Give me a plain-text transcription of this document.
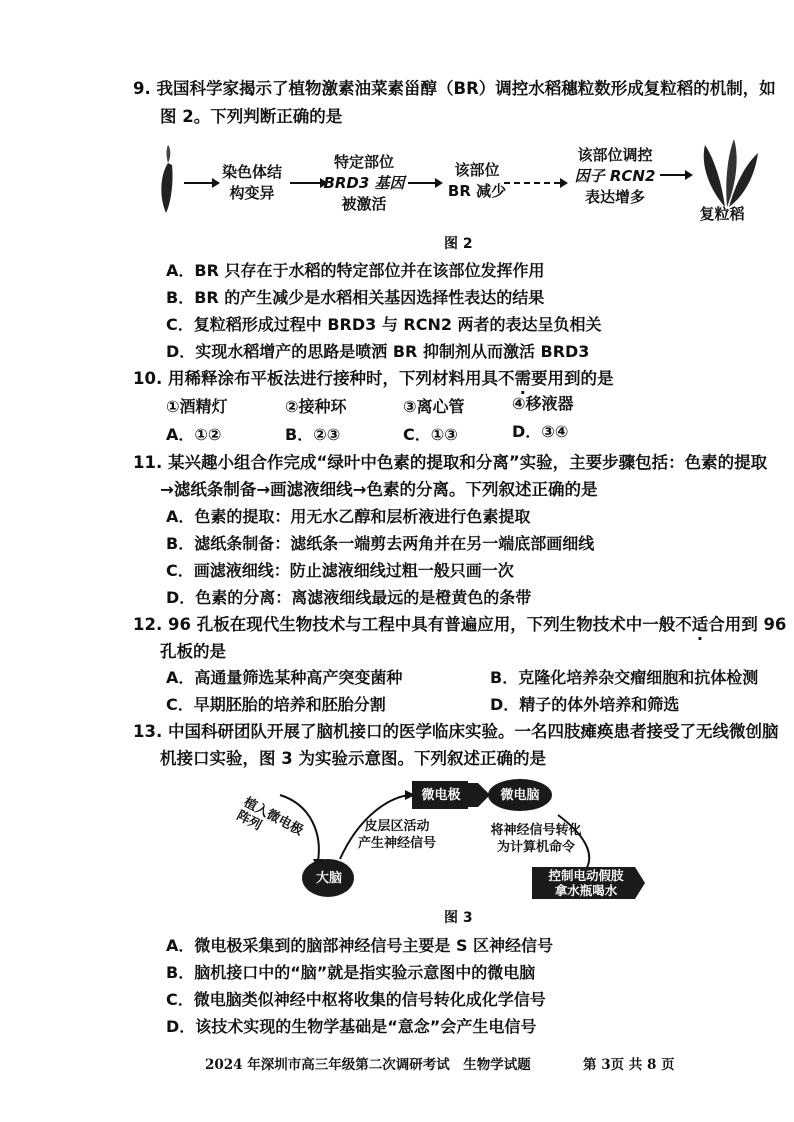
9. 我国科学家揭示了植物激素油菜素甾醇（BR）调控水稻穗粒数形成复粒稻的机制，如
图 2。下列判断正确的是
染色体结
构变异
特定部位
BRD3 基因
被激活
该部位
BR 减少
该部位调控
因子 RCN2
表达增多
复粒稻
图 2
A．BR 只存在于水稻的特定部位并在该部位发挥作用
B．BR 的产生减少是水稻相关基因选择性表达的结果
C．复粒稻形成过程中 BRD3 与 RCN2 两者的表达呈负相关
D．实现水稻增产的思路是喷洒 BR 抑制剂从而激活 BRD3
10. 用稀释涂布平板法进行接种时，下列材料用具不需要用到的是
①酒精灯	②接种环	③离心管	④移液器
A．①②	B．②③	C．①③	D．③④
11. 某兴趣小组合作完成“绿叶中色素的提取和分离”实验，主要步骤包括：色素的提取
→滤纸条制备→画滤液细线→色素的分离。下列叙述正确的是
A．色素的提取：用无水乙醇和层析液进行色素提取
B．滤纸条制备：滤纸条一端剪去两角并在另一端底部画细线
C．画滤液细线：防止滤液细线过粗一般只画一次
D．色素的分离：离滤液细线最远的是橙黄色的条带
12. 96 孔板在现代生物技术与工程中具有普遍应用，下列生物技术中一般不适合用到 96
孔板的是
A．高通量筛选某种高产突变菌种	B．克隆化培养杂交瘤细胞和抗体检测
C．早期胚胎的培养和胚胎分割	D．精子的体外培养和筛选
13. 中国科研团队开展了脑机接口的医学临床实验。一名四肢瘫痪患者接受了无线微创脑
机接口实验，图 3 为实验示意图。下列叙述正确的是
植入微电极阵列
微电极	微电脑
皮层区活动
产生神经信号
将神经信号转化
为计算机命令
大脑	控制电动假肢
拿水瓶喝水
图 3
A．微电极采集到的脑部神经信号主要是 S 区神经信号
B．脑机接口中的“脑”就是指实验示意图中的微电脑
C．微电脑类似神经中枢将收集的信号转化成化学信号
D．该技术实现的生物学基础是“意念”会产生电信号
2024 年深圳市高三年级第二次调研考试　生物学试题	第 3页 共 8 页
